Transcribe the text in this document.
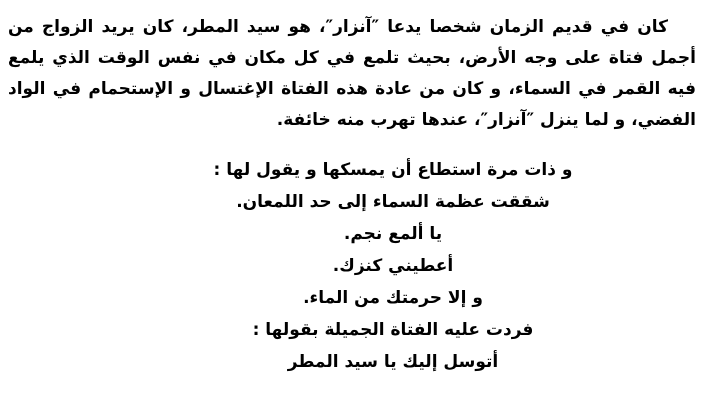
كان في قديم الزمان شخصا يدعا ″آنزار″، هو سيد المطر، كان يريد الزواج من
أجمل فتاة على وجه الأرض، بحيث تلمع في كل مكان في نفس الوقت الذي يلمع
فيه القمر في السماء، و كان من عادة هذه الفتاة الإغتسال و الإستحمام في الواد
الفضي، و لما ينزل ″آنزار″، عندها تهرب منه خائفة.
و ذات مرة استطاع أن يمسكها و يقول لها :
شققت عظمة السماء إلى حد اللمعان.
يا ألمع نجم.
أعطيني كنزك.
و إلا حرمتك من الماء.
فردت عليه الفتاة الجميلة بقولها :
أتوسل إليك يا سيد المطر
